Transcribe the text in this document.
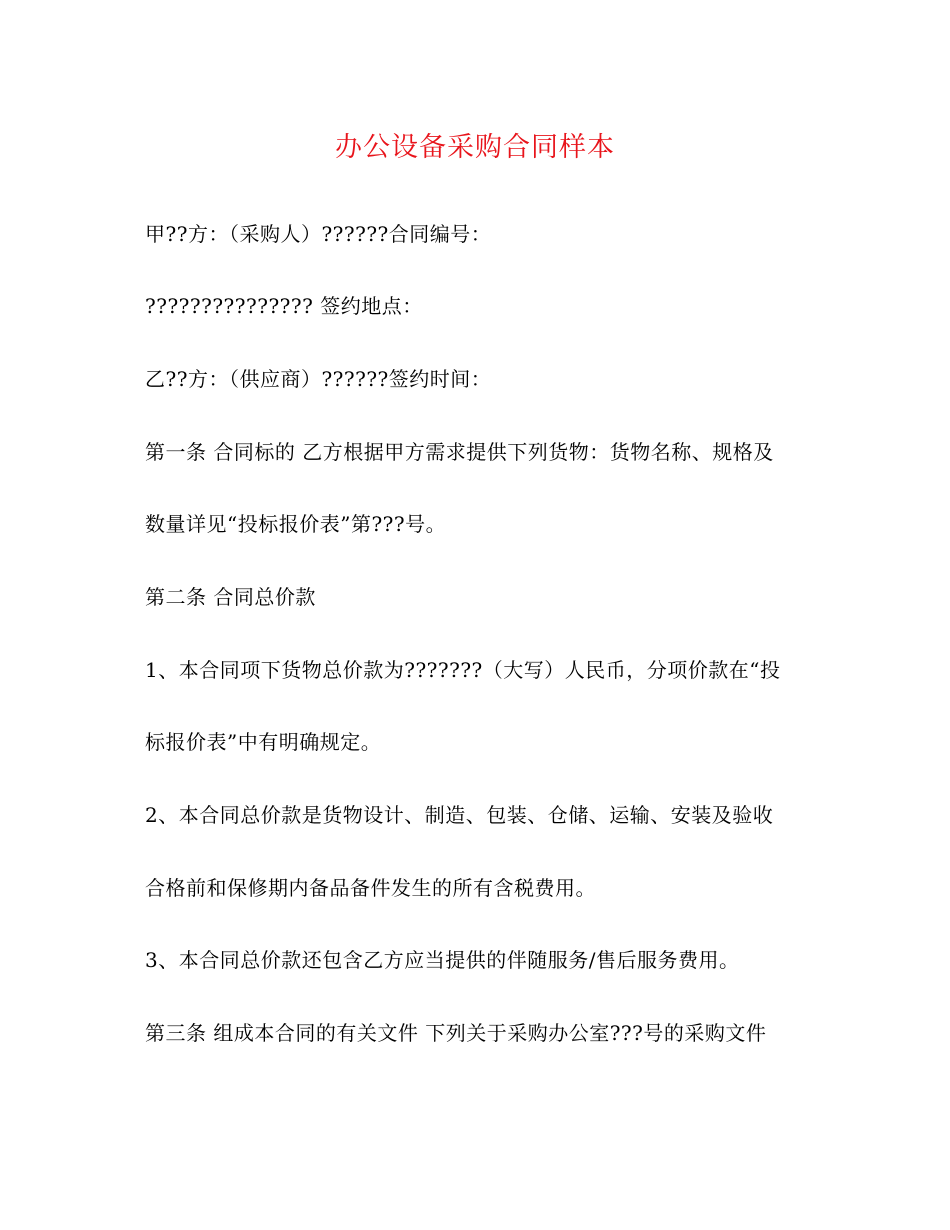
办公设备采购合同样本
甲??方：（采购人）??????合同编号：
??????????????? 签约地点：
乙??方：（供应商）??????签约时间：
第一条 合同标的 乙方根据甲方需求提供下列货物：货物名称、规格及
数量详见“投标报价表”第???号。
第二条 合同总价款
1、本合同项下货物总价款为???????（大写）人民币，分项价款在“投
标报价表”中有明确规定。
2、本合同总价款是货物设计、制造、包装、仓储、运输、安装及验收
合格前和保修期内备品备件发生的所有含税费用。
3、本合同总价款还包含乙方应当提供的伴随服务/售后服务费用。
第三条 组成本合同的有关文件 下列关于采购办公室???号的采购文件
